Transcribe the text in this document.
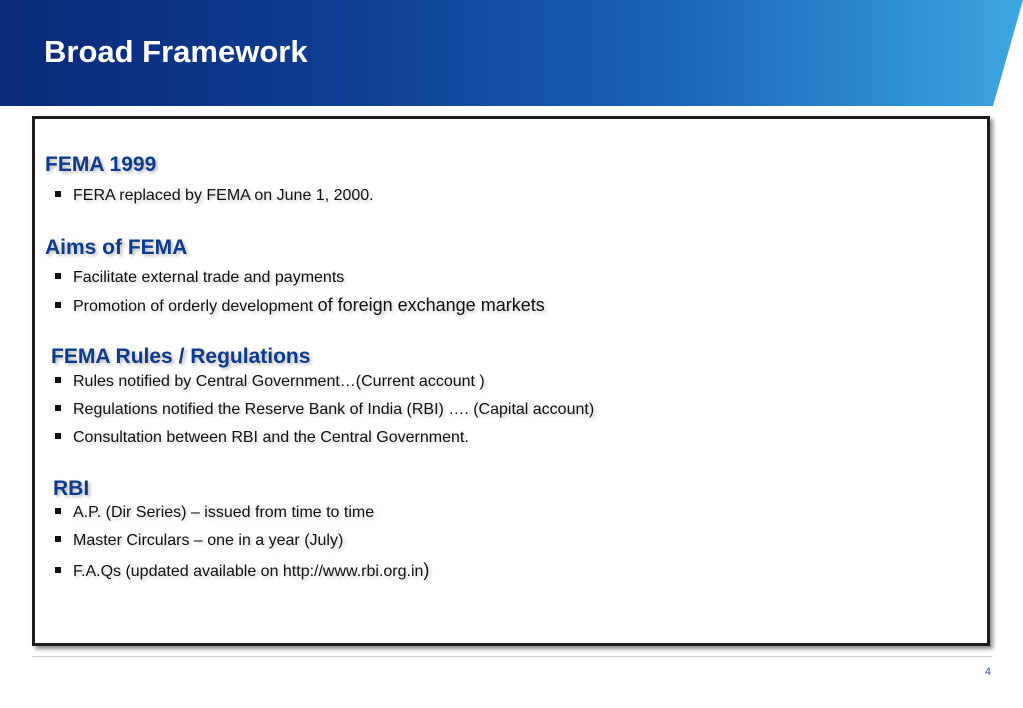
Broad Framework
FEMA 1999
FERA replaced by FEMA on June 1, 2000.
Aims of FEMA
Facilitate external trade and payments
Promotion of orderly development of foreign exchange markets
FEMA Rules / Regulations
Rules notified by Central Government…(Current account )
Regulations notified the Reserve Bank of India (RBI) …. (Capital account)
Consultation between RBI and the Central Government.
RBI
A.P. (Dir Series) – issued from time to time
Master Circulars – one in a year (July)
F.A.Qs (updated available on http://www.rbi.org.in)
4
